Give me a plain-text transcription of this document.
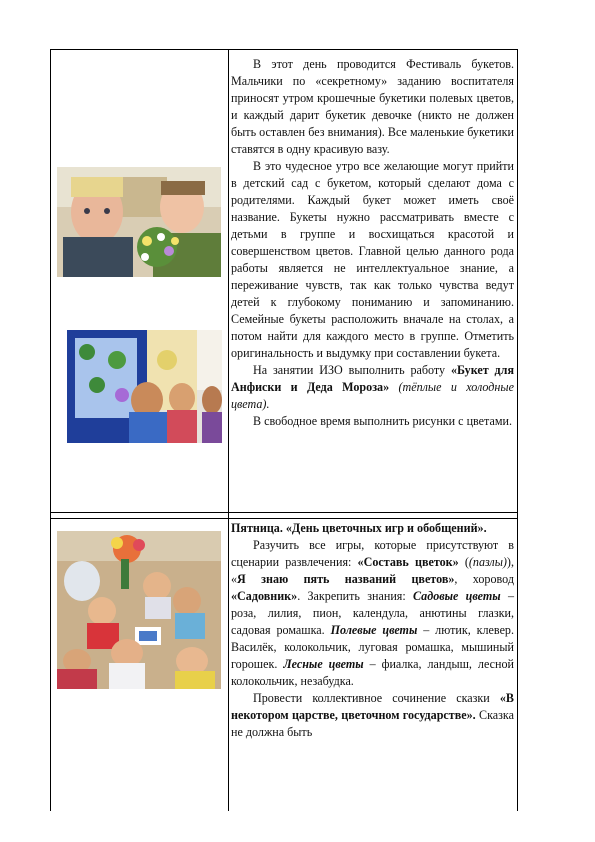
В этот день проводится Фестиваль букетов. Мальчики по «секретному» заданию воспитателя приносят утром крошечные букетики полевых цветов, и каждый дарит букетик девочке (никто не должен быть оставлен без внимания). Все маленькие букетики ставятся в одну красивую вазу.

В это чудесное утро все желающие могут прийти в детский сад с букетом, который сделают дома с родителями. Каждый букет может иметь своё название. Букеты нужно рассматривать вместе с детьми в группе и восхищаться красотой и совершенством цветов. Главной целью данного рода работы является не интеллектуальное знание, а переживание чувств, так как только чувства ведут детей к глубокому пониманию и запоминанию. Семейные букеты расположить вначале на столах, а потом найти для каждого место в группе. Отметить оригинальность и выдумку при составлении букета.

На занятии ИЗО выполнить работу «Букет для Анфиски и Деда Мороза» (тёплые и холодные цвета).

В свободное время выполнить рисунки с цветами.

Пятница. «День цветочных игр и обобщений».

Разучить все игры, которые присутствуют в сценарии развлечения: «Составь цветок» ((пазлы)), «Я знаю пять названий цветов», хоровод «Садовник». Закрепить знания: Садовые цветы – роза, лилия, пион, календула, анютины глазки, садовая ромашка. Полевые цветы – лютик, клевер. Василёк, колокольчик, луговая ромашка, мышиный горошек. Лесные цветы – фиалка, ландыш, лесной колокольчик, незабудка.

Провести коллективное сочинение сказки «В некотором царстве, цветочном государстве». Сказка не должна быть
